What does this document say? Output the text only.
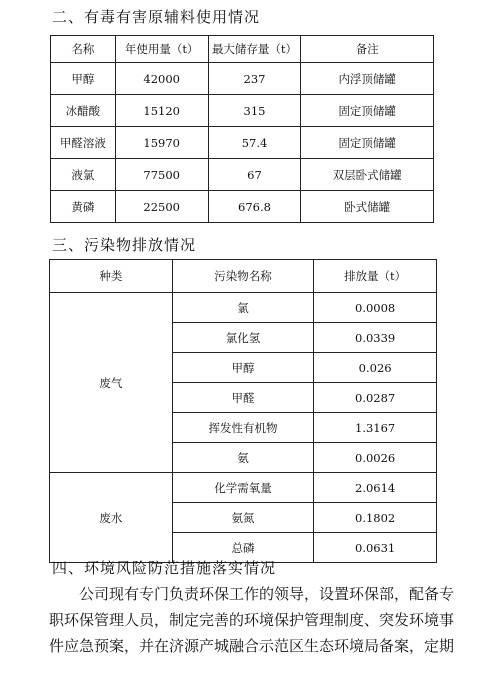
二、有毒有害原辅料使用情况
名称	年使用量（t）	最大储存量（t）	备注
甲醇	42000	237	内浮顶储罐
冰醋酸	15120	315	固定顶储罐
甲醛溶液	15970	57.4	固定顶储罐
液氯	77500	67	双层卧式储罐
黄磷	22500	676.8	卧式储罐
三、污染物排放情况
种类	污染物名称	排放量（t）
废气	氯	0.0008
	氯化氢	0.0339
	甲醇	0.026
	甲醛	0.0287
	挥发性有机物	1.3167
	氨	0.0026
废水	化学需氧量	2.0614
	氨氮	0.1802
	总磷	0.0631
四、环境风险防范措施落实情况
公司现有专门负责环保工作的领导，设置环保部，配备专
职环保管理人员，制定完善的环境保护管理制度、突发环境事
件应急预案，并在济源产城融合示范区生态环境局备案，定期
